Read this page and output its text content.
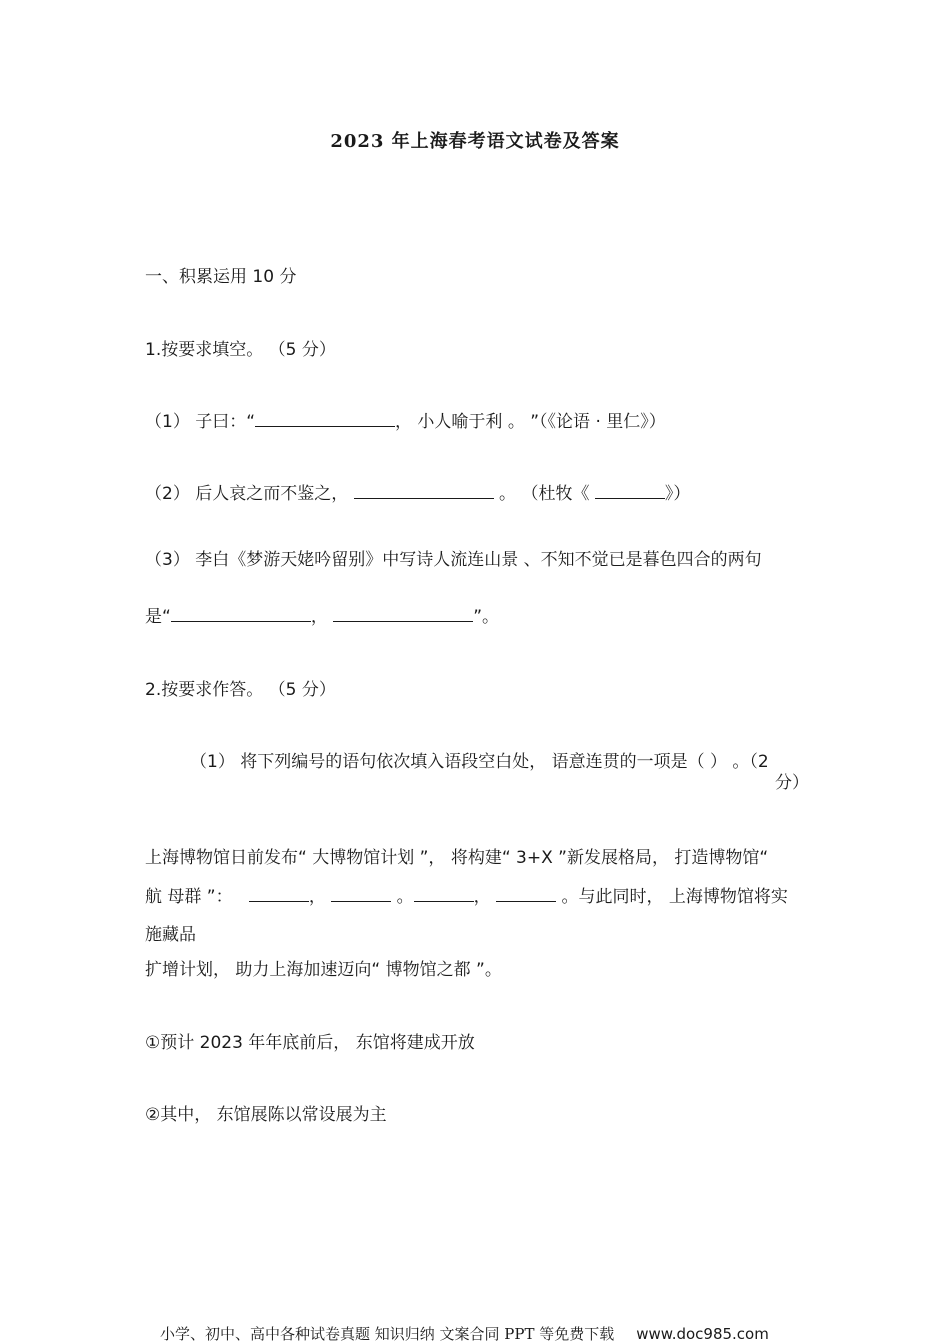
2023 年上海春考语文试卷及答案
一、积累运用 10 分
1.按要求填空。 （5 分）
（1） 子曰：“	， 小人喻于利 。 ”（《论语 · 里仁》）
（2） 后人哀之而不鉴之，	。 （杜牧《	》）
（3） 李白《梦游天姥吟留别》中写诗人流连山景 、不知不觉已是暮色四合的两句
是“	，	”。
2.按要求作答。 （5 分）
（1） 将下列编号的语句依次填入语段空白处， 语意连贯的一项是（ ） 。（2
分）
上海博物馆日前发布“ 大博物馆计划 ”， 将构建“ 3+X ”新发展格局， 打造博物馆“
航 母群 ”：	，	。	，	。与此同时， 上海博物馆将实
施藏品
扩增计划， 助力上海加速迈向“ 博物馆之都 ”。
①预计 2023 年年底前后， 东馆将建成开放
②其中， 东馆展陈以常设展为主
小学、初中、高中各种试卷真题 知识归纳 文案合同 PPT 等免费下载 www.doc985.com
